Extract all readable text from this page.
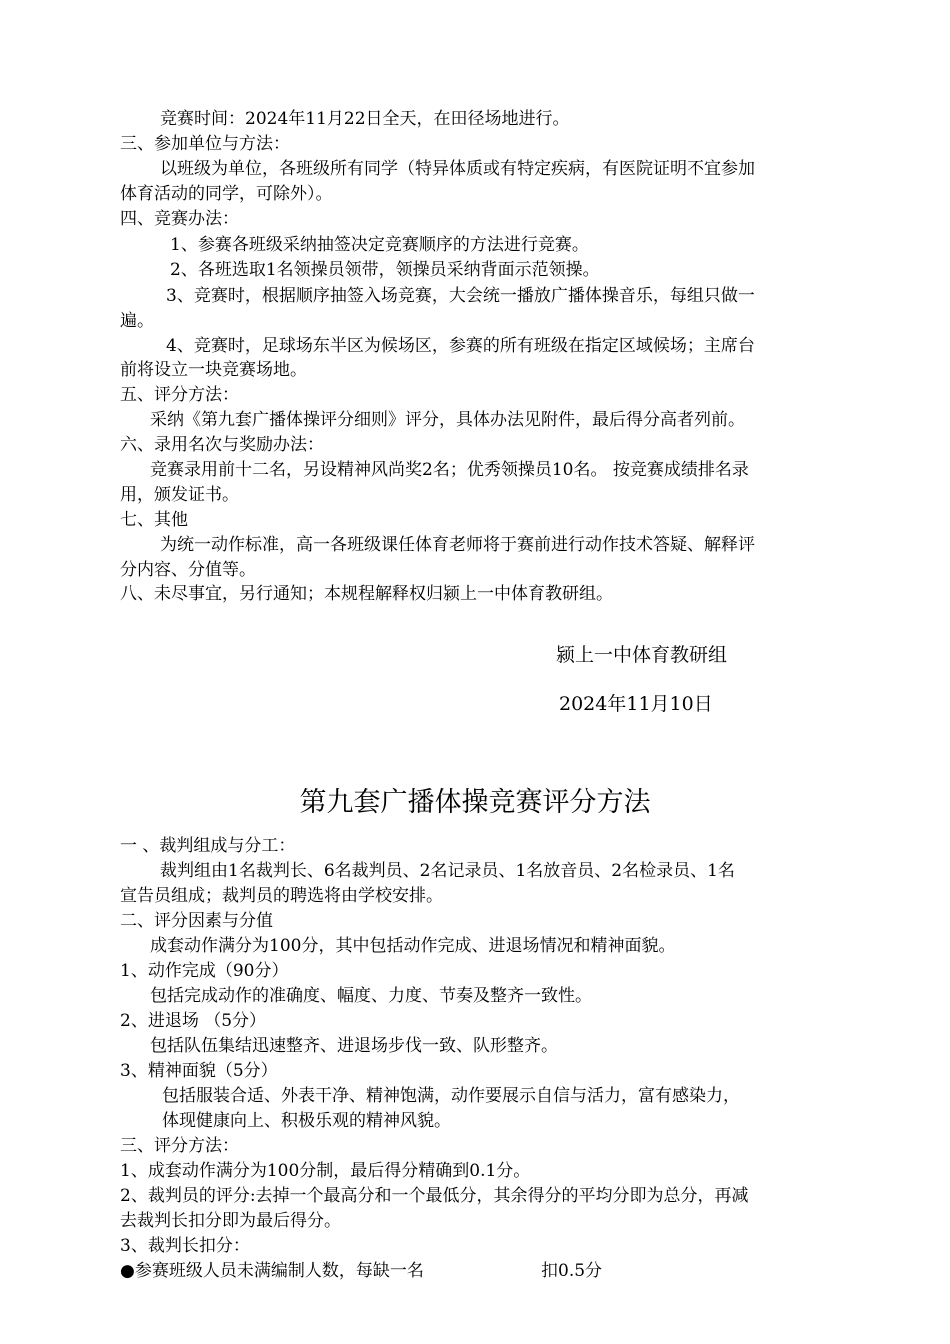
竞赛时间：2024年11月22日全天，在田径场地进行。
三、参加单位与方法：
以班级为单位，各班级所有同学（特异体质或有特定疾病，有医院证明不宜参加
体育活动的同学，可除外）。
四、竞赛办法：
1、参赛各班级采纳抽签决定竞赛顺序的方法进行竞赛。
2、各班选取1名领操员领带，领操员采纳背面示范领操。
3、竞赛时，根据顺序抽签入场竞赛，大会统一播放广播体操音乐，每组只做一
遍。
4、竞赛时，足球场东半区为候场区，参赛的所有班级在指定区域候场；主席台
前将设立一块竞赛场地。
五、评分方法：
采纳《第九套广播体操评分细则》评分，具体办法见附件，最后得分高者列前。
六、录用名次与奖励办法：
竞赛录用前十二名，另设精神风尚奖2名；优秀领操员10名。 按竞赛成绩排名录
用，颁发证书。
七、其他
为统一动作标准，高一各班级课任体育老师将于赛前进行动作技术答疑、解释评
分内容、分值等。
八、未尽事宜，另行通知；本规程解释权归颍上一中体育教研组。
颍上一中体育教研组
2024年11月10日
第九套广播体操竞赛评分方法
一 、裁判组成与分工：
裁判组由1名裁判长、6名裁判员、2名记录员、1名放音员、2名检录员、1名
宣告员组成；裁判员的聘选将由学校安排。
二、评分因素与分值
成套动作满分为100分，其中包括动作完成、进退场情况和精神面貌。
1、动作完成（90分）
包括完成动作的准确度、幅度、力度、节奏及整齐一致性。
2、进退场 （5分）
包括队伍集结迅速整齐、进退场步伐一致、队形整齐。
3、精神面貌（5分）
包括服装合适、外表干净、精神饱满，动作要展示自信与活力，富有感染力，
体现健康向上、积极乐观的精神风貌。
三、评分方法：
1、成套动作满分为100分制，最后得分精确到0.1分。
2、裁判员的评分:去掉一个最高分和一个最低分，其余得分的平均分即为总分，再减
去裁判长扣分即为最后得分。
3、裁判长扣分：
●参赛班级人员未满编制人数，每缺一名	扣0.5分
